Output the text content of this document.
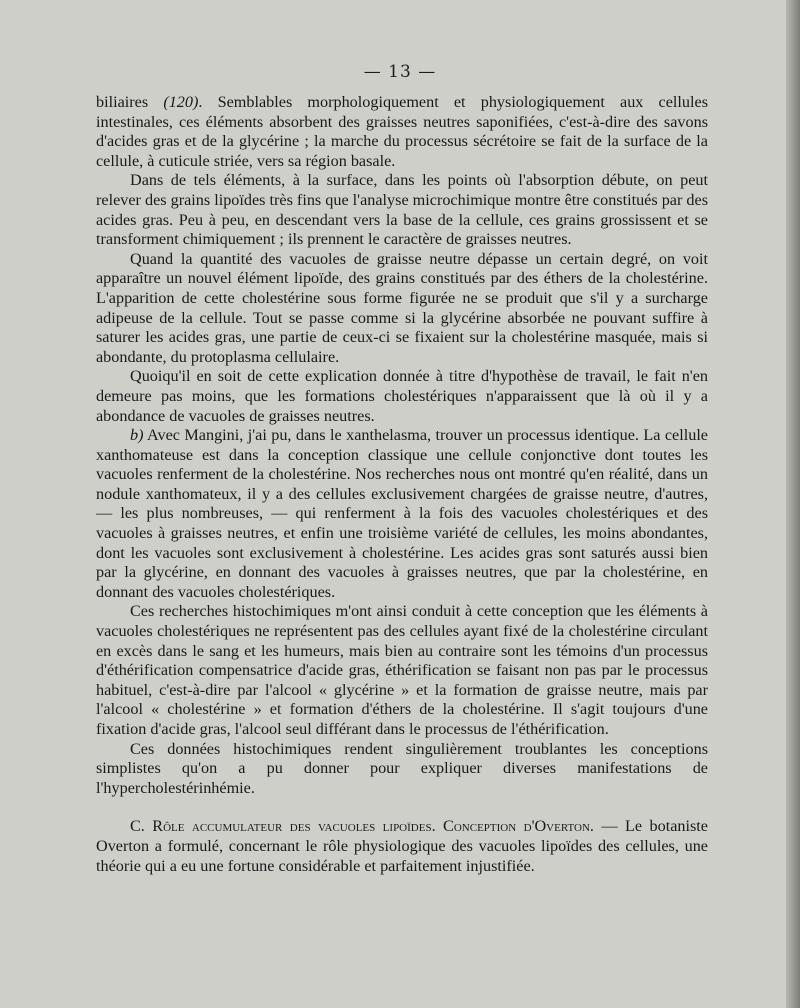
— 13 —

biliaires (120). Semblables morphologiquement et physiologiquement aux cellules intestinales, ces éléments absorbent des graisses neutres saponifiées, c'est-à-dire des savons d'acides gras et de la glycérine ; la marche du processus sécrétoire se fait de la surface de la cellule, à cuticule striée, vers sa région basale.

Dans de tels éléments, à la surface, dans les points où l'absorption débute, on peut relever des grains lipoïdes très fins que l'analyse microchimique montre être constitués par des acides gras. Peu à peu, en descendant vers la base de la cellule, ces grains grossissent et se transforment chimiquement ; ils prennent le caractère de graisses neutres.

Quand la quantité des vacuoles de graisse neutre dépasse un certain degré, on voit apparaître un nouvel élément lipoïde, des grains constitués par des éthers de la cholestérine. L'apparition de cette cholestérine sous forme figurée ne se produit que s'il y a surcharge adipeuse de la cellule. Tout se passe comme si la glycérine absorbée ne pouvant suffire à saturer les acides gras, une partie de ceux-ci se fixaient sur la cholestérine masquée, mais si abondante, du protoplasma cellulaire.

Quoiqu'il en soit de cette explication donnée à titre d'hypothèse de travail, le fait n'en demeure pas moins, que les formations cholestériques n'apparaissent que là où il y a abondance de vacuoles de graisses neutres.

b) Avec Mangini, j'ai pu, dans le xanthelasma, trouver un processus identique. La cellule xanthomateuse est dans la conception classique une cellule conjonctive dont toutes les vacuoles renferment de la cholestérine. Nos recherches nous ont montré qu'en réalité, dans un nodule xanthomateux, il y a des cellules exclusivement chargées de graisse neutre, d'autres, — les plus nombreuses, — qui renferment à la fois des vacuoles cholestériques et des vacuoles à graisses neutres, et enfin une troisième variété de cellules, les moins abondantes, dont les vacuoles sont exclusivement à cholestérine. Les acides gras sont saturés aussi bien par la glycérine, en donnant des vacuoles à graisses neutres, que par la cholestérine, en donnant des vacuoles cholestériques.

Ces recherches histochimiques m'ont ainsi conduit à cette conception que les éléments à vacuoles cholestériques ne représentent pas des cellules ayant fixé de la cholestérine circulant en excès dans le sang et les humeurs, mais bien au contraire sont les témoins d'un processus d'éthérification compensatrice d'acide gras, éthérification se faisant non pas par le processus habituel, c'est-à-dire par l'alcool « glycérine » et la formation de graisse neutre, mais par l'alcool « cholestérine » et formation d'éthers de la cholestérine. Il s'agit toujours d'une fixation d'acide gras, l'alcool seul différant dans le processus de l'éthérification.

Ces données histochimiques rendent singulièrement troublantes les conceptions simplistes qu'on a pu donner pour expliquer diverses manifestations de l'hypercholestérinhémie.

C. Rôle accumulateur des vacuoles lipoïdes. Conception d'Overton. — Le botaniste Overton a formulé, concernant le rôle physiologique des vacuoles lipoïdes des cellules, une théorie qui a eu une fortune considérable et parfaitement injustifiée.
